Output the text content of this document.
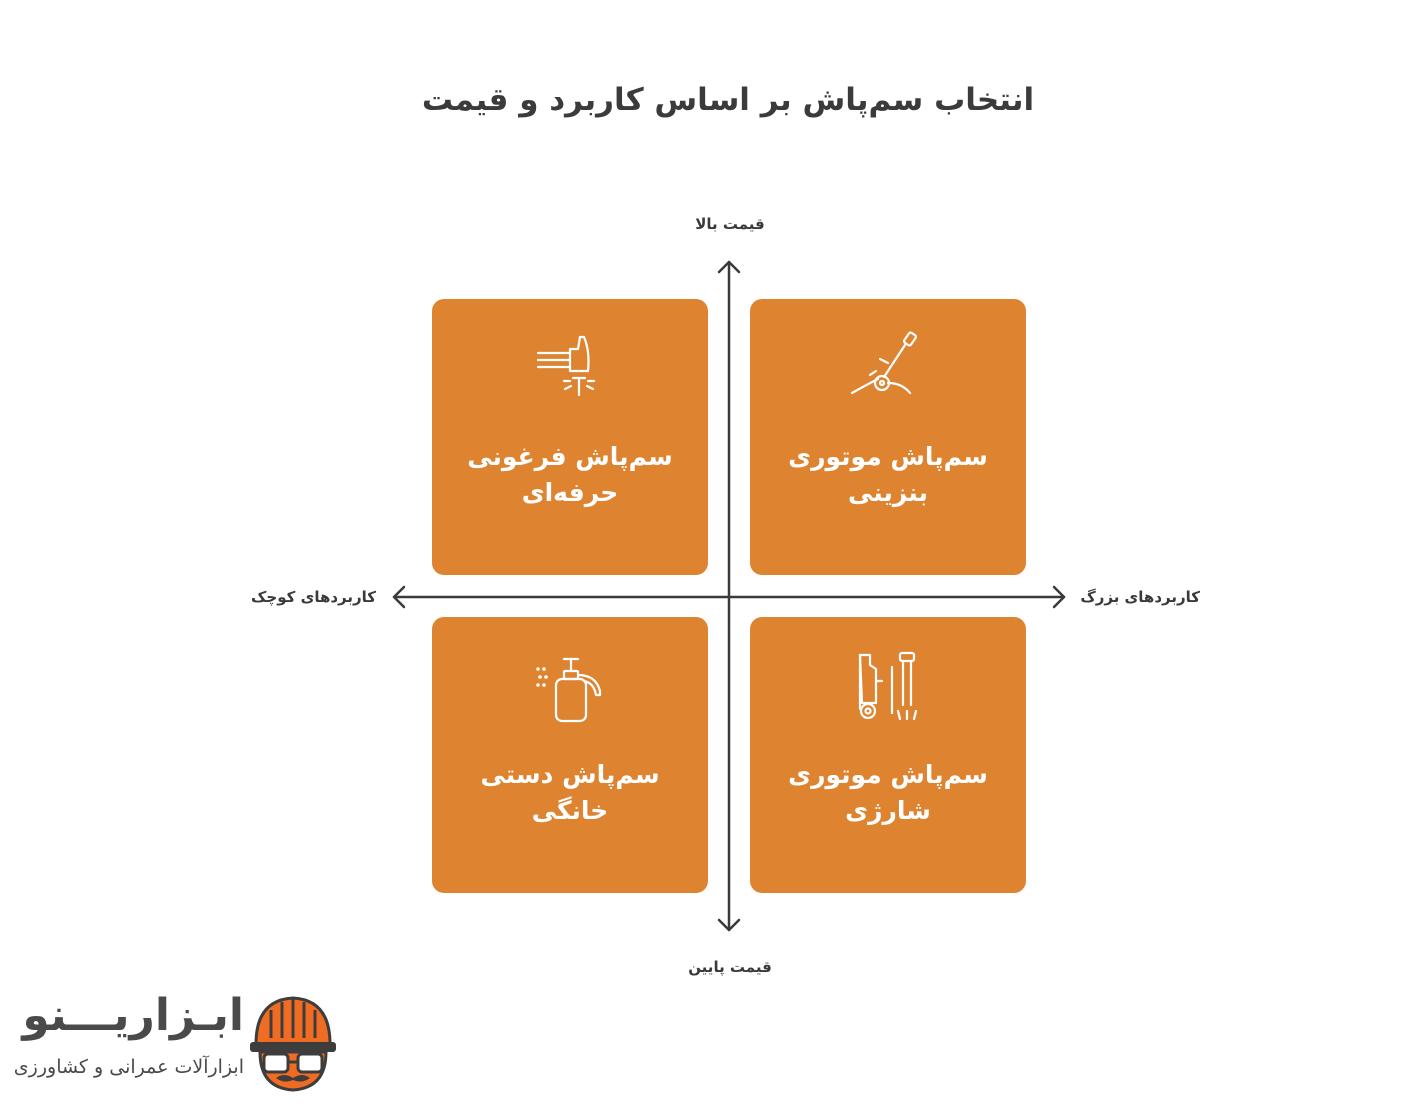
انتخاب سم‌پاش بر اساس کاربرد و قیمت
قیمت بالا
قیمت پایین
کاربردهای کوچک	کاربردهای بزرگ
سم‌پاش فرغونی
حرفه‌ای
سم‌پاش موتوری
بنزینی
سم‌پاش دستی
خانگی
سم‌پاش موتوری
شارژی
ابـزاریـــنو
ابزارآلات عمرانی و کشاورزی
